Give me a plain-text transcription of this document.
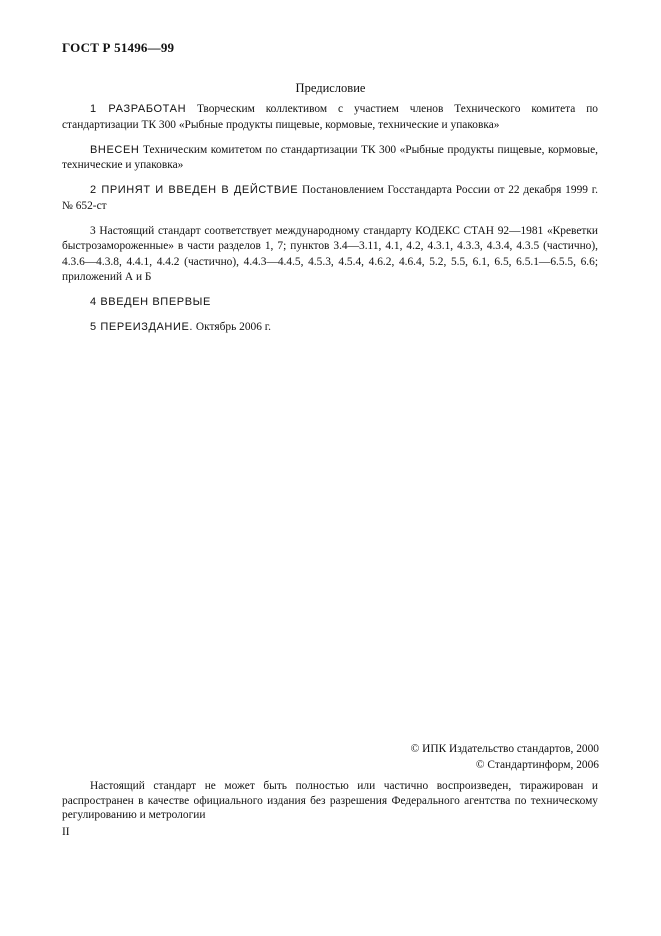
ГОСТ Р 51496—99
Предисловие

1 РАЗРАБОТАН Творческим коллективом с участием членов Технического комитета по стандартизации ТК 300 «Рыбные продукты пищевые, кормовые, технические и упаковка»

ВНЕСЕН Техническим комитетом по стандартизации ТК 300 «Рыбные продукты пищевые, кормовые, технические и упаковка»

2 ПРИНЯТ И ВВЕДЕН В ДЕЙСТВИЕ Постановлением Госстандарта России от 22 декабря 1999 г. № 652-ст

3 Настоящий стандарт соответствует международному стандарту КОДЕКС СТАН 92—1981 «Креветки быстрозамороженные» в части разделов 1, 7; пунктов 3.4—3.11, 4.1, 4.2, 4.3.1, 4.3.3, 4.3.4, 4.3.5 (частично), 4.3.6—4.3.8, 4.4.1, 4.4.2 (частично), 4.4.3—4.4.5, 4.5.3, 4.5.4, 4.6.2, 4.6.4, 5.2, 5.5, 6.1, 6.5, 6.5.1—6.5.5, 6.6; приложений А и Б

4 ВВЕДЕН ВПЕРВЫЕ

5 ПЕРЕИЗДАНИЕ. Октябрь 2006 г.

© ИПК Издательство стандартов, 2000
© Стандартинформ, 2006
Настоящий стандарт не может быть полностью или частично воспроизведен, тиражирован и распространен в качестве официального издания без разрешения Федерального агентства по техническому регулированию и метрологии
II
